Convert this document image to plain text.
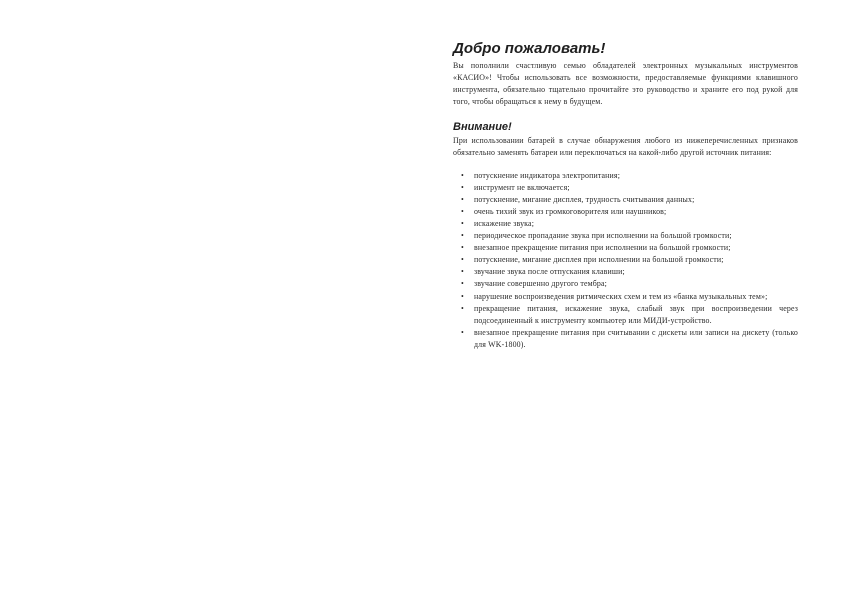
Добро пожаловать!

Вы пополнили счастливую семью обладателей электронных музыкальных инструментов «КАСИО»! Чтобы использовать все возможности, предоставляемые функциями клавишного инструмента, обязательно тщательно прочитайте это руководство и храните его под рукой для того, чтобы обращаться к нему в будущем.

Внимание!

При использовании батарей в случае обнаружения любого из нижеперечисленных признаков обязательно заменять батареи или переключаться на какой-либо другой источник питания:

• потускнение индикатора электропитания;
• инструмент не включается;
• потускнение, мигание дисплея, трудность считывания данных;
• очень тихий звук из громкоговорителя или наушников;
• искажение звука;
• периодическое пропадание звука при исполнении на большой громкости;
• внезапное прекращение питания при исполнении на большой громкости;
• потускнение, мигание дисплея при исполнении на большой громкости;
• звучание звука после отпускания клавиши;
• звучание совершенно другого тембра;
• нарушение воспроизведения ритмических схем и тем из «банка музыкальных тем»;
• прекращение питания, искажение звука, слабый звук при воспроизведении через подсоединенный к инструменту компьютер или МИДИ-устройство.
• внезапное прекращение питания при считывании с дискеты или записи на дискету (только для WK-1800).
